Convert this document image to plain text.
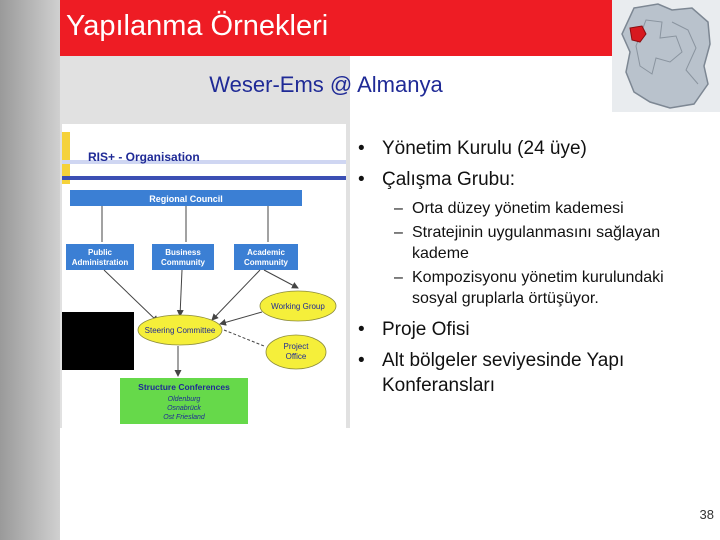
Yapılanma Örnekleri
Weser-Ems @ Almanya
RIS+ - Organisation
Regional Council
Public
Administration
Business
Community
Academic
Community
Working Group
Steering Committee
Project
Office
Structure Conferences
Oldenburg
Osnabrück
Ost Friesland
• Yönetim Kurulu (24 üye)
• Çalışma Grubu:
– Orta düzey yönetim kademesi
– Stratejinin uygulanmasını sağlayan kademe
– Kompozisyonu yönetim kurulundaki sosyal gruplarla örtüşüyor.
• Proje Ofisi
• Alt bölgeler seviyesinde Yapı Konferansları
38
